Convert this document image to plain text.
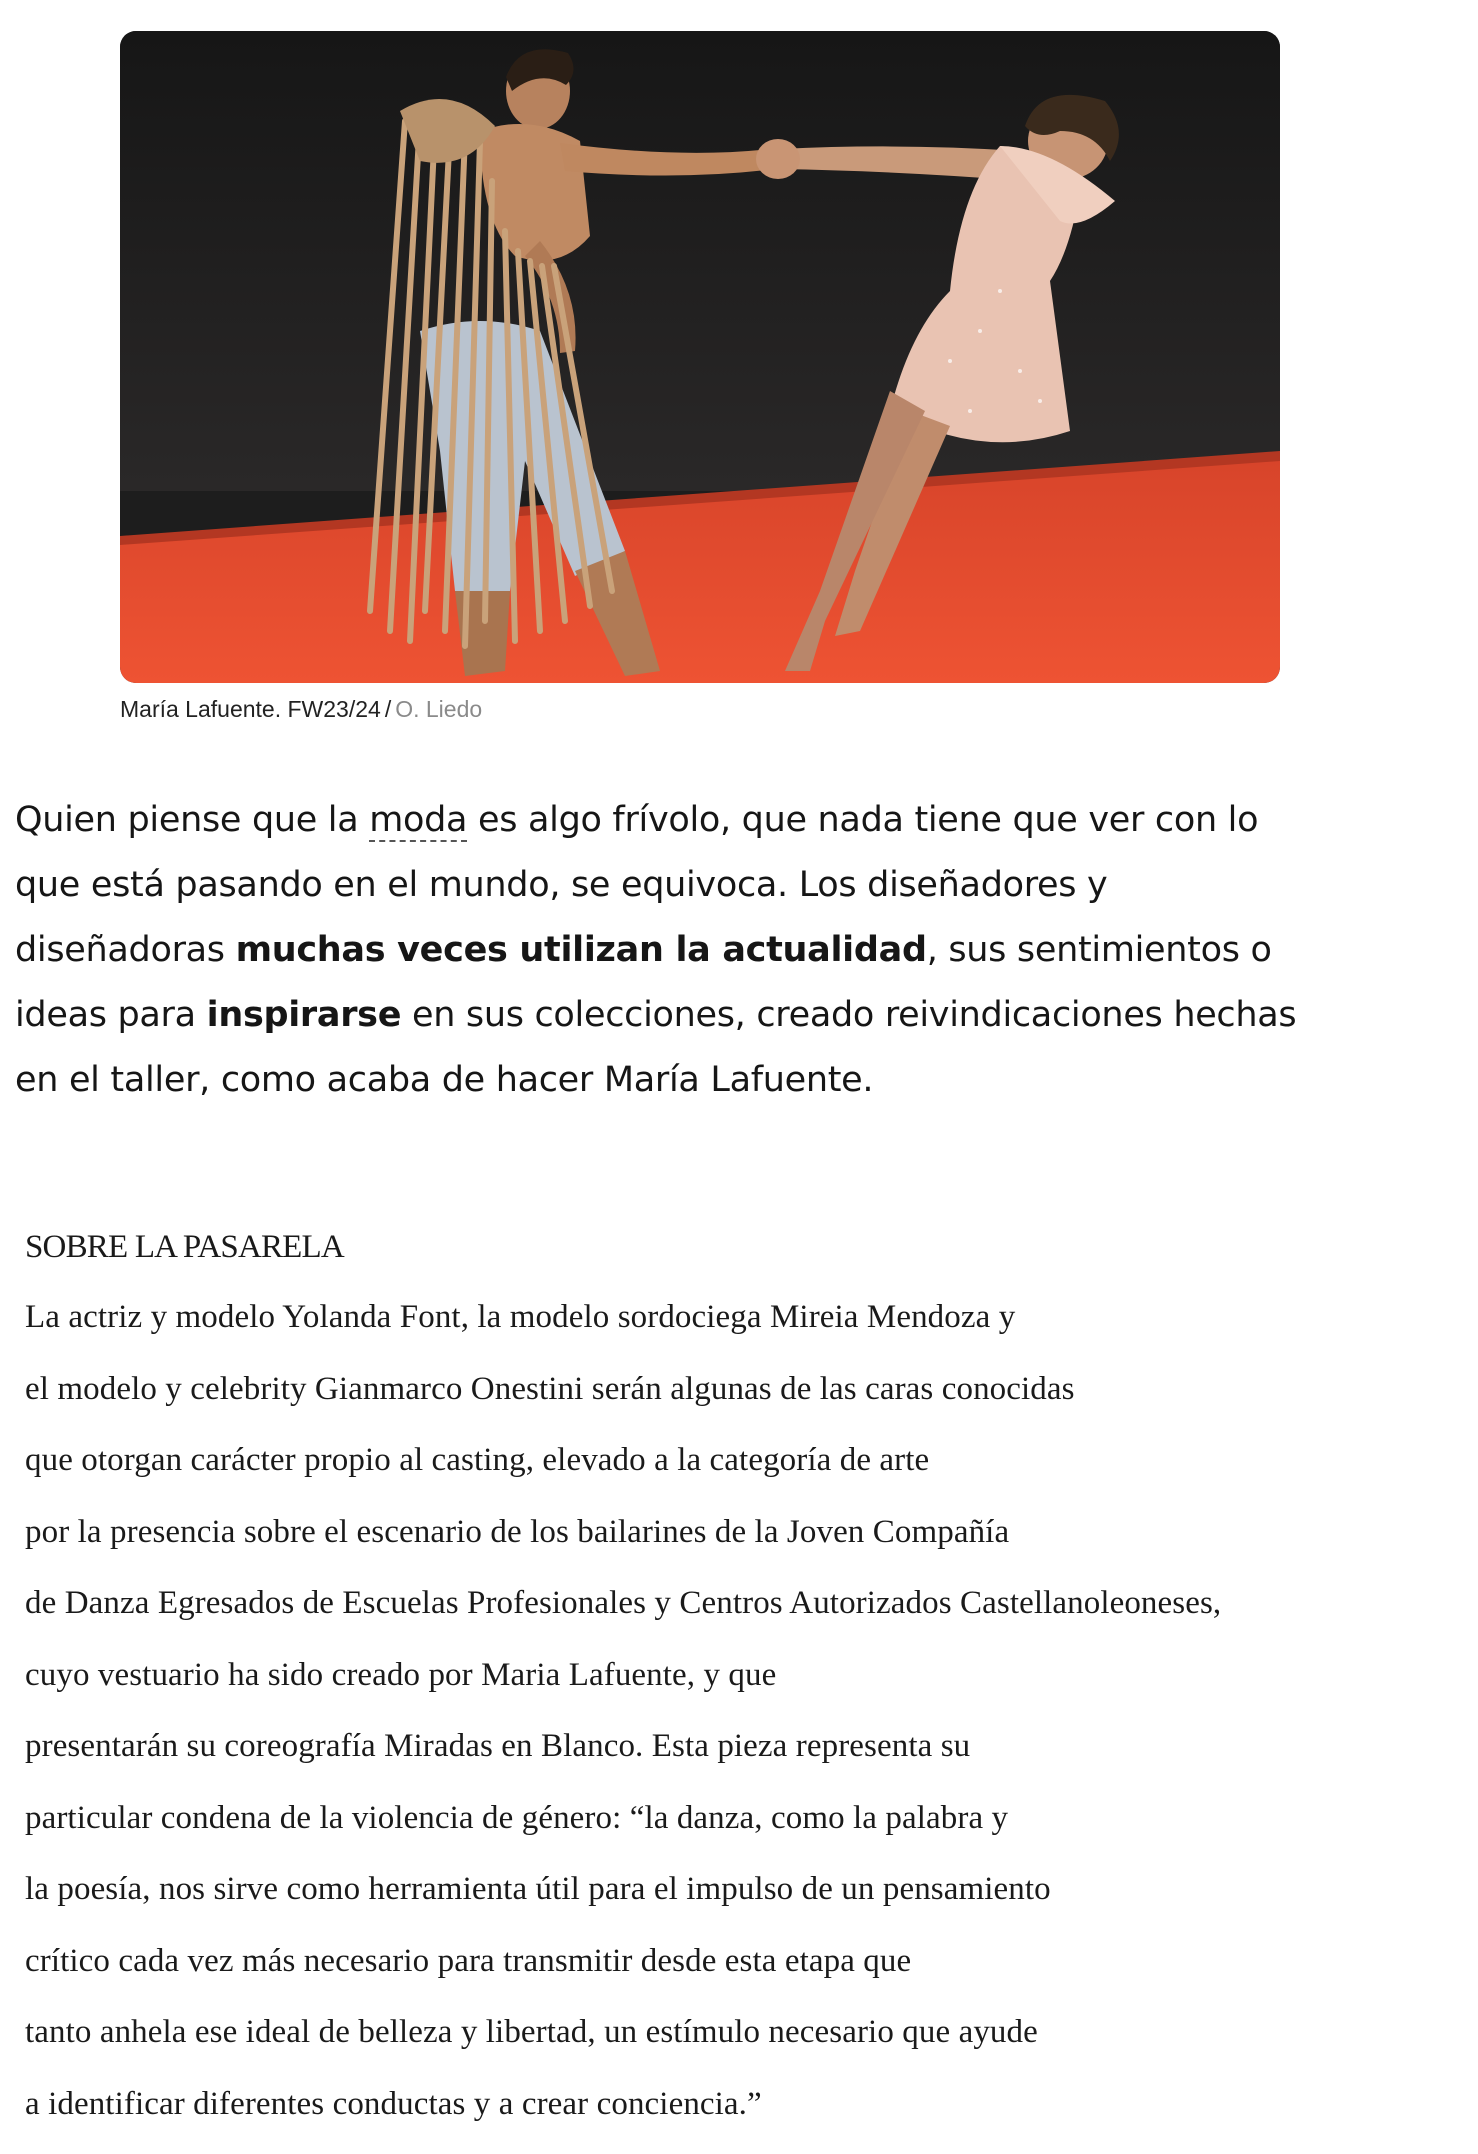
María Lafuente. FW23/24 / O. Liedo

Quien piense que la moda es algo frívolo, que nada tiene que ver con lo

que está pasando en el mundo, se equivoca. Los diseñadores y

diseñadoras muchas veces utilizan la actualidad, sus sentimientos o

ideas para inspirarse en sus colecciones, creado reivindicaciones hechas

en el taller, como acaba de hacer María Lafuente.

SOBRE LA PASARELA

La actriz y modelo Yolanda Font, la modelo sordociega Mireia Mendoza y

el modelo y celebrity Gianmarco Onestini serán algunas de las caras conocidas

que otorgan carácter propio al casting, elevado a la categoría de arte

por la presencia sobre el escenario de los bailarines de la Joven Compañía

de Danza Egresados de Escuelas Profesionales y Centros Autorizados Castellanoleoneses,

cuyo vestuario ha sido creado por Maria Lafuente, y que

presentarán su coreografía Miradas en Blanco. Esta pieza representa su

particular condena de la violencia de género: “la danza, como la palabra y

la poesía, nos sirve como herramienta útil para el impulso de un pensamiento

crítico cada vez más necesario para transmitir desde esta etapa que

tanto anhela ese ideal de belleza y libertad, un estímulo necesario que ayude

a identificar diferentes conductas y a crear conciencia.”
